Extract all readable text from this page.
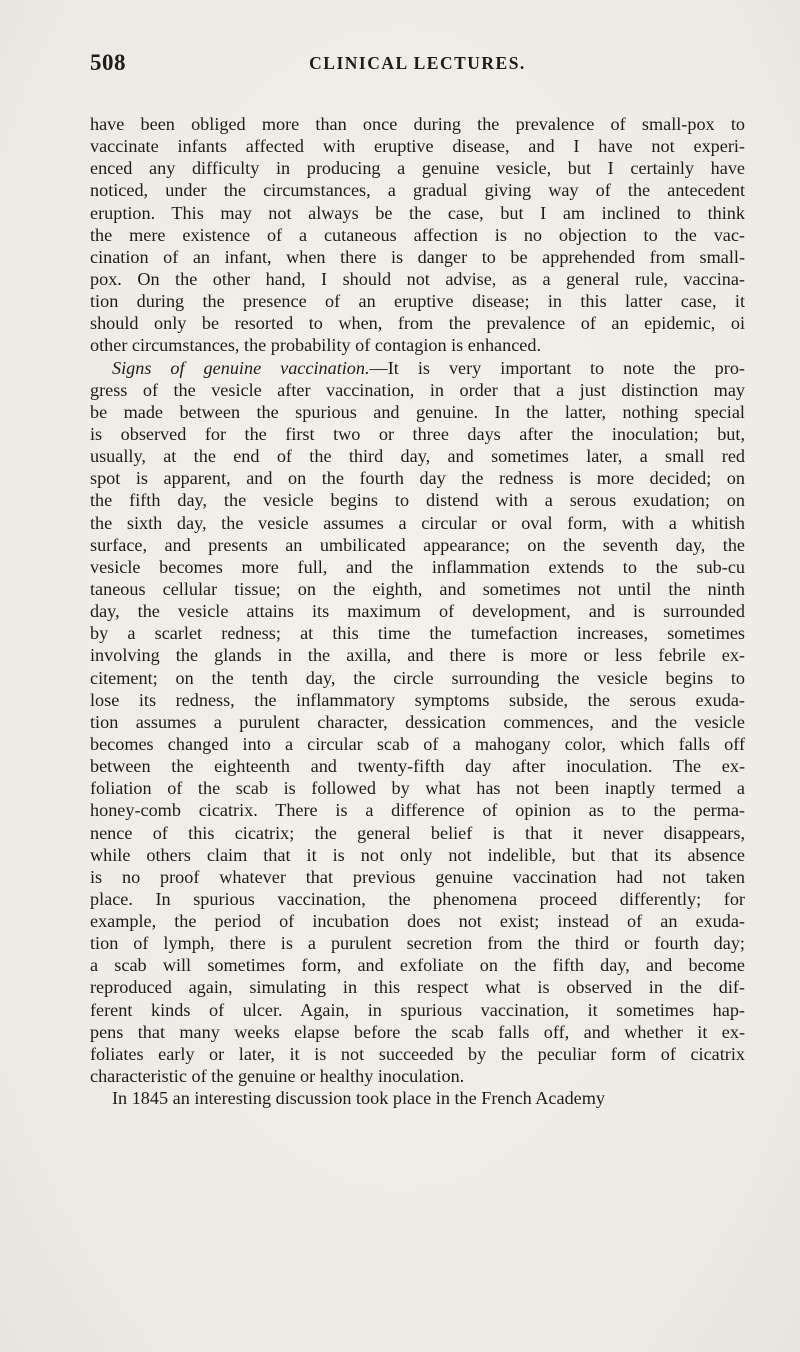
508	CLINICAL LECTURES.
have been obliged more than once during the prevalence of small-pox to
vaccinate infants affected with eruptive disease, and I have not experi-
enced any difficulty in producing a genuine vesicle, but I certainly have
noticed, under the circumstances, a gradual giving way of the antecedent
eruption. This may not always be the case, but I am inclined to think
the mere existence of a cutaneous affection is no objection to the vac-
cination of an infant, when there is danger to be apprehended from small-
pox. On the other hand, I should not advise, as a general rule, vaccina-
tion during the presence of an eruptive disease; in this latter case, it
should only be resorted to when, from the prevalence of an epidemic, oi
other circumstances, the probability of contagion is enhanced.
Signs of genuine vaccination.—It is very important to note the pro-
gress of the vesicle after vaccination, in order that a just distinction may
be made between the spurious and genuine. In the latter, nothing special
is observed for the first two or three days after the inoculation; but,
usually, at the end of the third day, and sometimes later, a small red
spot is apparent, and on the fourth day the redness is more decided; on
the fifth day, the vesicle begins to distend with a serous exudation; on
the sixth day, the vesicle assumes a circular or oval form, with a whitish
surface, and presents an umbilicated appearance; on the seventh day, the
vesicle becomes more full, and the inflammation extends to the sub-cu
taneous cellular tissue; on the eighth, and sometimes not until the ninth
day, the vesicle attains its maximum of development, and is surrounded
by a scarlet redness; at this time the tumefaction increases, sometimes
involving the glands in the axilla, and there is more or less febrile ex-
citement; on the tenth day, the circle surrounding the vesicle begins to
lose its redness, the inflammatory symptoms subside, the serous exuda-
tion assumes a purulent character, dessication commences, and the vesicle
becomes changed into a circular scab of a mahogany color, which falls off
between the eighteenth and twenty-fifth day after inoculation. The ex-
foliation of the scab is followed by what has not been inaptly termed a
honey-comb cicatrix. There is a difference of opinion as to the perma-
nence of this cicatrix; the general belief is that it never disappears,
while others claim that it is not only not indelible, but that its absence
is no proof whatever that previous genuine vaccination had not taken
place. In spurious vaccination, the phenomena proceed differently; for
example, the period of incubation does not exist; instead of an exuda-
tion of lymph, there is a purulent secretion from the third or fourth day;
a scab will sometimes form, and exfoliate on the fifth day, and become
reproduced again, simulating in this respect what is observed in the dif-
ferent kinds of ulcer. Again, in spurious vaccination, it sometimes hap-
pens that many weeks elapse before the scab falls off, and whether it ex-
foliates early or later, it is not succeeded by the peculiar form of cicatrix
characteristic of the genuine or healthy inoculation.
In 1845 an interesting discussion took place in the French Academy
